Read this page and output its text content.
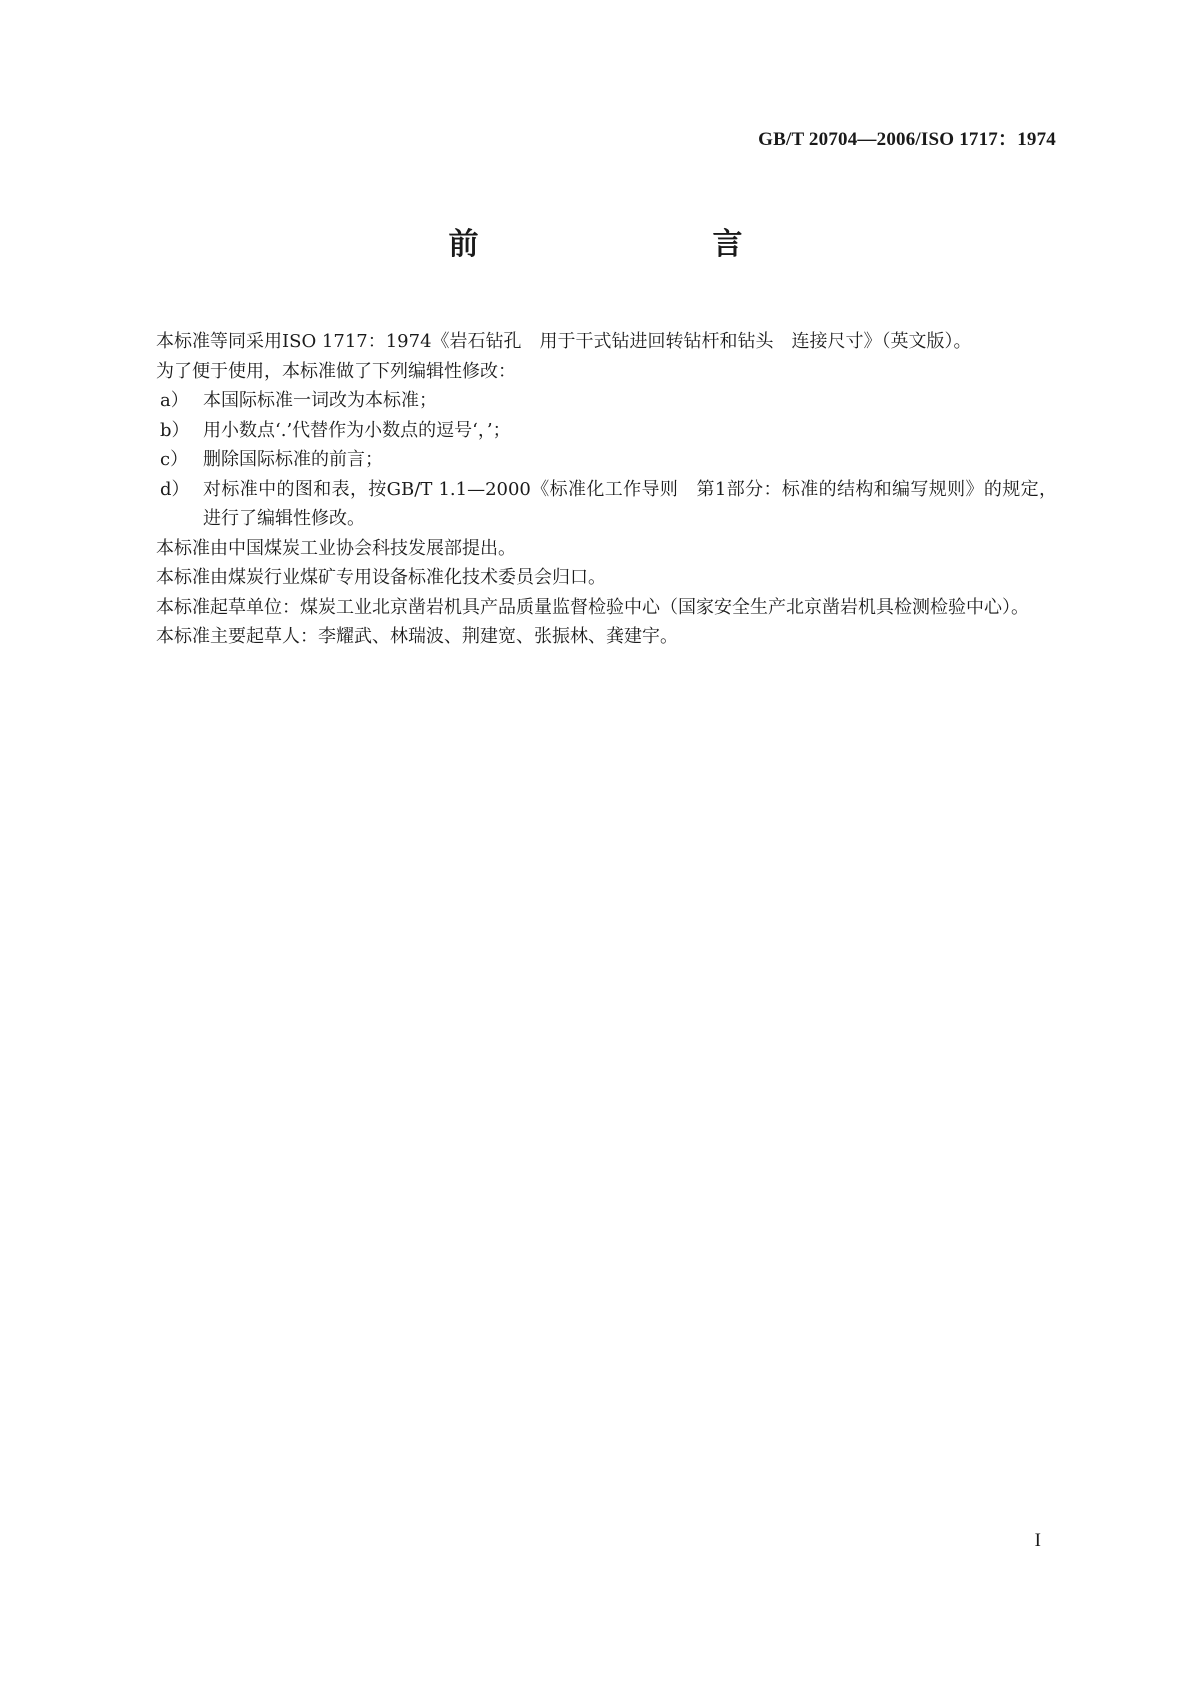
GB/T 20704—2006/ISO 1717：1974
前　　言

本标准等同采用ISO 1717：1974《岩石钻孔　用于干式钻进回转钻杆和钻头　连接尺寸》（英文版）。

为了便于使用，本标准做了下列编辑性修改：

a） 本国际标准一词改为本标准；
b） 用小数点‘.’代替作为小数点的逗号‘，’；
c） 删除国际标准的前言；
d） 对标准中的图和表，按GB/T 1.1—2000《标准化工作导则　第1部分：标准的结构和编写规则》的规定，进行了编辑性修改。

本标准由中国煤炭工业协会科技发展部提出。

本标准由煤炭行业煤矿专用设备标准化技术委员会归口。

本标准起草单位：煤炭工业北京凿岩机具产品质量监督检验中心（国家安全生产北京凿岩机具检测检验中心）。

本标准主要起草人：李耀武、林瑞波、荆建宽、张振林、龚建宇。

I
